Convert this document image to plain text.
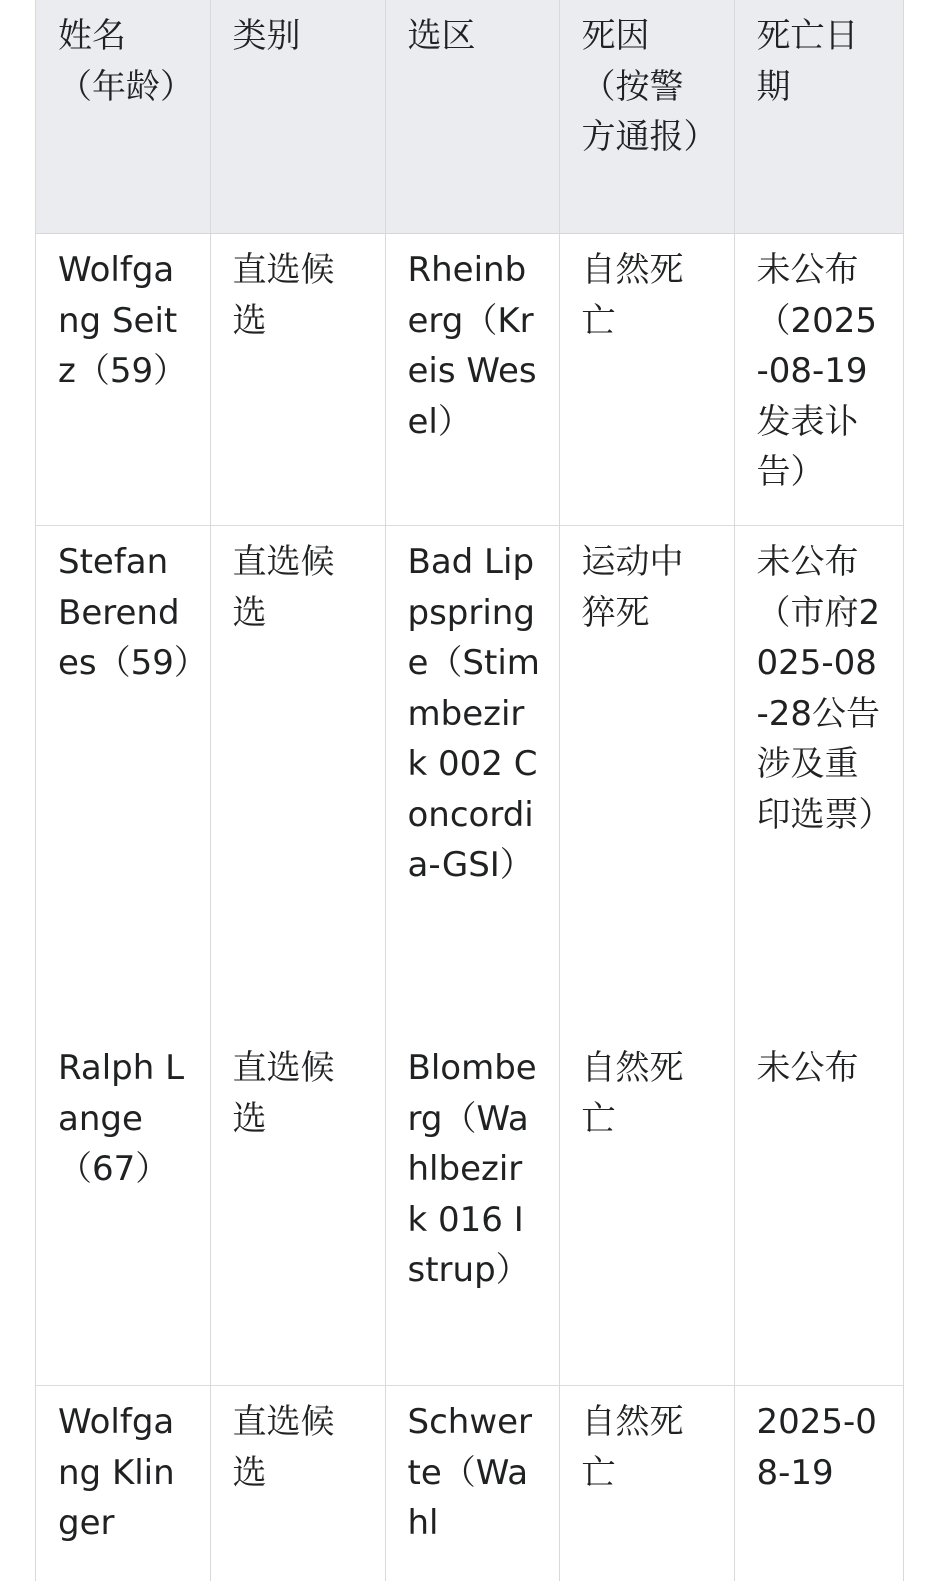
姓名（年龄）	类别	选区	死因（按警方通报）	死亡日期
Wolfgang Seitz（59）	直选候选	Rheinberg（Kreis Wesel）	自然死亡	未公布（2025-08-19发表讣告）
Stefan Berendes（59）	直选候选	Bad Lippspringe（Stimmbezirk 002 Concordia-GSI）	运动中猝死	未公布（市府2025-08-28公告涉及重印选票）
Ralph Lange（67）	直选候选	Blomberg（Wahlbezirk 016 Istrup）	自然死亡	未公布
Wolfgang Klinger	直选候选	Schwerte（Wahl	自然死亡	2025-08-19
